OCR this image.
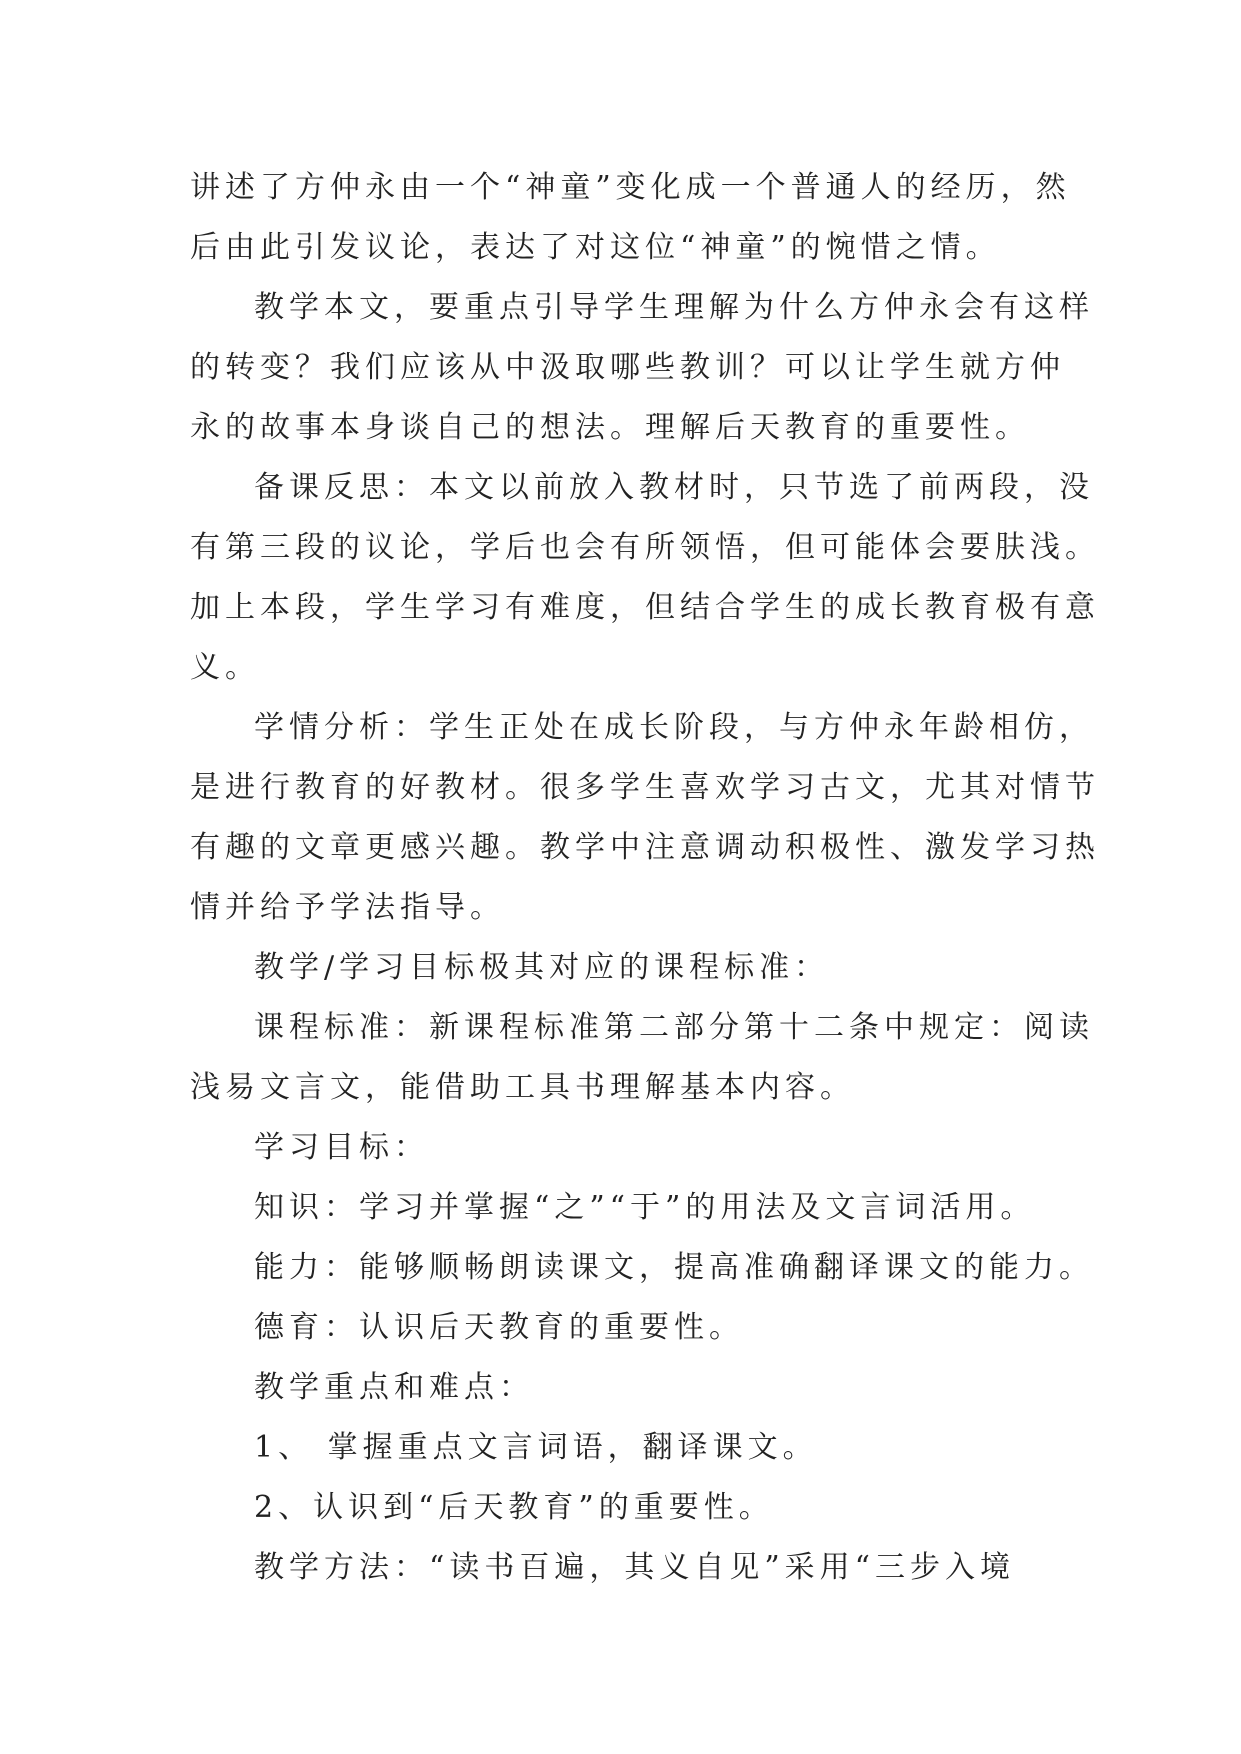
讲述了方仲永由一个“神童”变化成一个普通人的经历，然

后由此引发议论，表达了对这位“神童”的惋惜之情。

教学本文，要重点引导学生理解为什么方仲永会有这样

的转变？我们应该从中汲取哪些教训？可以让学生就方仲

永的故事本身谈自己的想法。理解后天教育的重要性。

备课反思：本文以前放入教材时，只节选了前两段，没

有第三段的议论，学后也会有所领悟，但可能体会要肤浅。

加上本段，学生学习有难度，但结合学生的成长教育极有意

义。

学情分析：学生正处在成长阶段，与方仲永年龄相仿，

是进行教育的好教材。很多学生喜欢学习古文，尤其对情节

有趣的文章更感兴趣。教学中注意调动积极性、激发学习热

情并给予学法指导。

教学/学习目标极其对应的课程标准：

课程标准：新课程标准第二部分第十二条中规定：阅读

浅易文言文，能借助工具书理解基本内容。

学习目标：

知识：学习并掌握“之”“于”的用法及文言词活用。

能力：能够顺畅朗读课文，提高准确翻译课文的能力。

德育：认识后天教育的重要性。

教学重点和难点：

1、 掌握重点文言词语，翻译课文。

2、认识到“后天教育”的重要性。

教学方法：“读书百遍，其义自见”采用“三步入境
